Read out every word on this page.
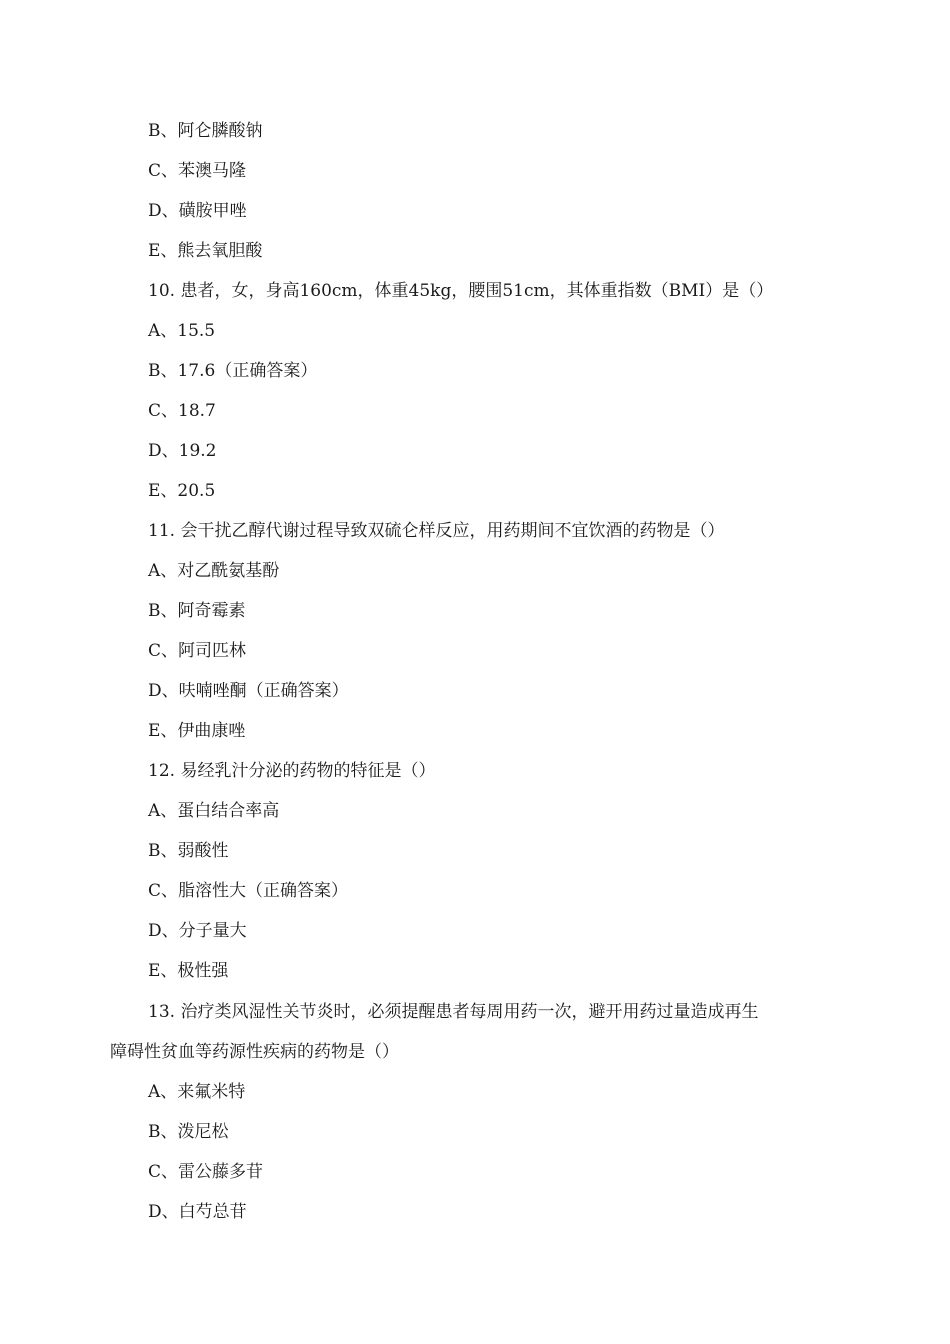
B、阿仑膦酸钠
C、苯澳马隆
D、磺胺甲唑
E、熊去氧胆酸
10. 患者，女，身高160cm，体重45kg，腰围51cm，其体重指数（BMI）是（）
A、15.5
B、17.6（正确答案）
C、18.7
D、19.2
E、20.5
11. 会干扰乙醇代谢过程导致双硫仑样反应，用药期间不宜饮酒的药物是（）
A、对乙酰氨基酚
B、阿奇霉素
C、阿司匹林
D、呋喃唑酮（正确答案）
E、伊曲康唑
12. 易经乳汁分泌的药物的特征是（）
A、蛋白结合率高
B、弱酸性
C、脂溶性大（正确答案）
D、分子量大
E、极性强
13. 治疗类风湿性关节炎时，必须提醒患者每周用药一次，避开用药过量造成再生
障碍性贫血等药源性疾病的药物是（）
A、来氟米特
B、泼尼松
C、雷公藤多苷
D、白芍总苷
